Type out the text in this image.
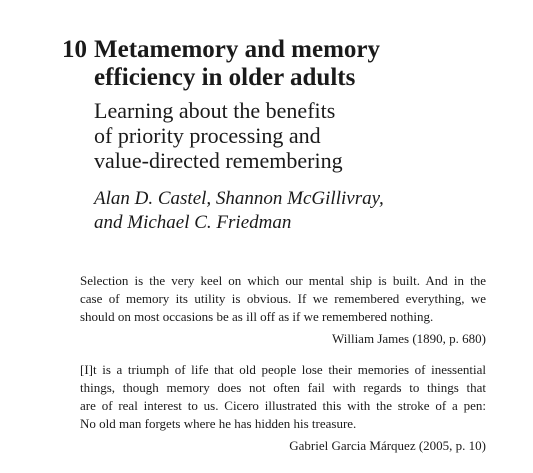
10 Metamemory and memory
efficiency in older adults
Learning about the benefits
of priority processing and
value-directed remembering
Alan D. Castel, Shannon McGillivray,
and Michael C. Friedman
Selection is the very keel on which our mental ship is built. And in the
case of memory its utility is obvious. If we remembered everything, we
should on most occasions be as ill off as if we remembered nothing.
William James (1890, p. 680)
[I]t is a triumph of life that old people lose their memories of inessential
things, though memory does not often fail with regards to things that
are of real interest to us. Cicero illustrated this with the stroke of a pen:
No old man forgets where he has hidden his treasure.
Gabriel Garcia Márquez (2005, p. 10)
